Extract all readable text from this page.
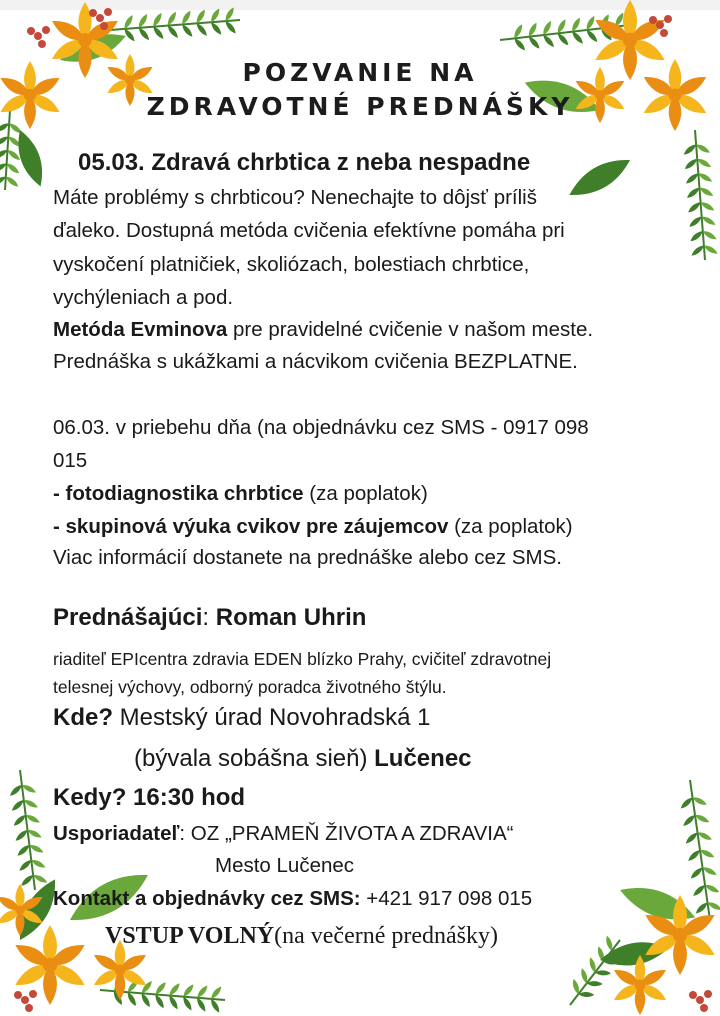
POZVANIE NA
ZDRAVOTNÉ PREDNÁŠKY
05.03. Zdravá chrbtica z neba nespadne
Máte problémy s chrbticou? Nenechajte to dôjsť príliš
ďaleko. Dostupná metóda cvičenia efektívne pomáha pri
vyskočení platničiek, skoliózach, bolestiach chrbtice,
vychýleniach a pod.
Metóda Evminova pre pravidelné cvičenie v našom meste.
Prednáška s ukážkami a nácvikom cvičenia BEZPLATNE.
06.03. v priebehu dňa (na objednávku cez SMS - 0917 098
015
- fotodiagnostika chrbtice (za poplatok)
- skupinová výuka cvikov pre záujemcov (za poplatok)
Viac informácií dostanete na prednáške alebo cez SMS.
Prednášajúci: Roman Uhrin
riaditeľ EPIcentra zdravia EDEN blízko Prahy, cvičiteľ zdravotnej
telesnej výchovy, odborný poradca životného štýlu.
Kde? Mestský úrad Novohradská 1
(bývala sobášna sieň) Lučenec
Kedy? 16:30 hod
Usporiadateľ: OZ „PRAMEŇ ŽIVOTA A ZDRAVIA“
Mesto Lučenec
Kontakt a objednávky cez SMS: +421 917 098 015
VSTUP VOLNÝ(na večerné prednášky)
